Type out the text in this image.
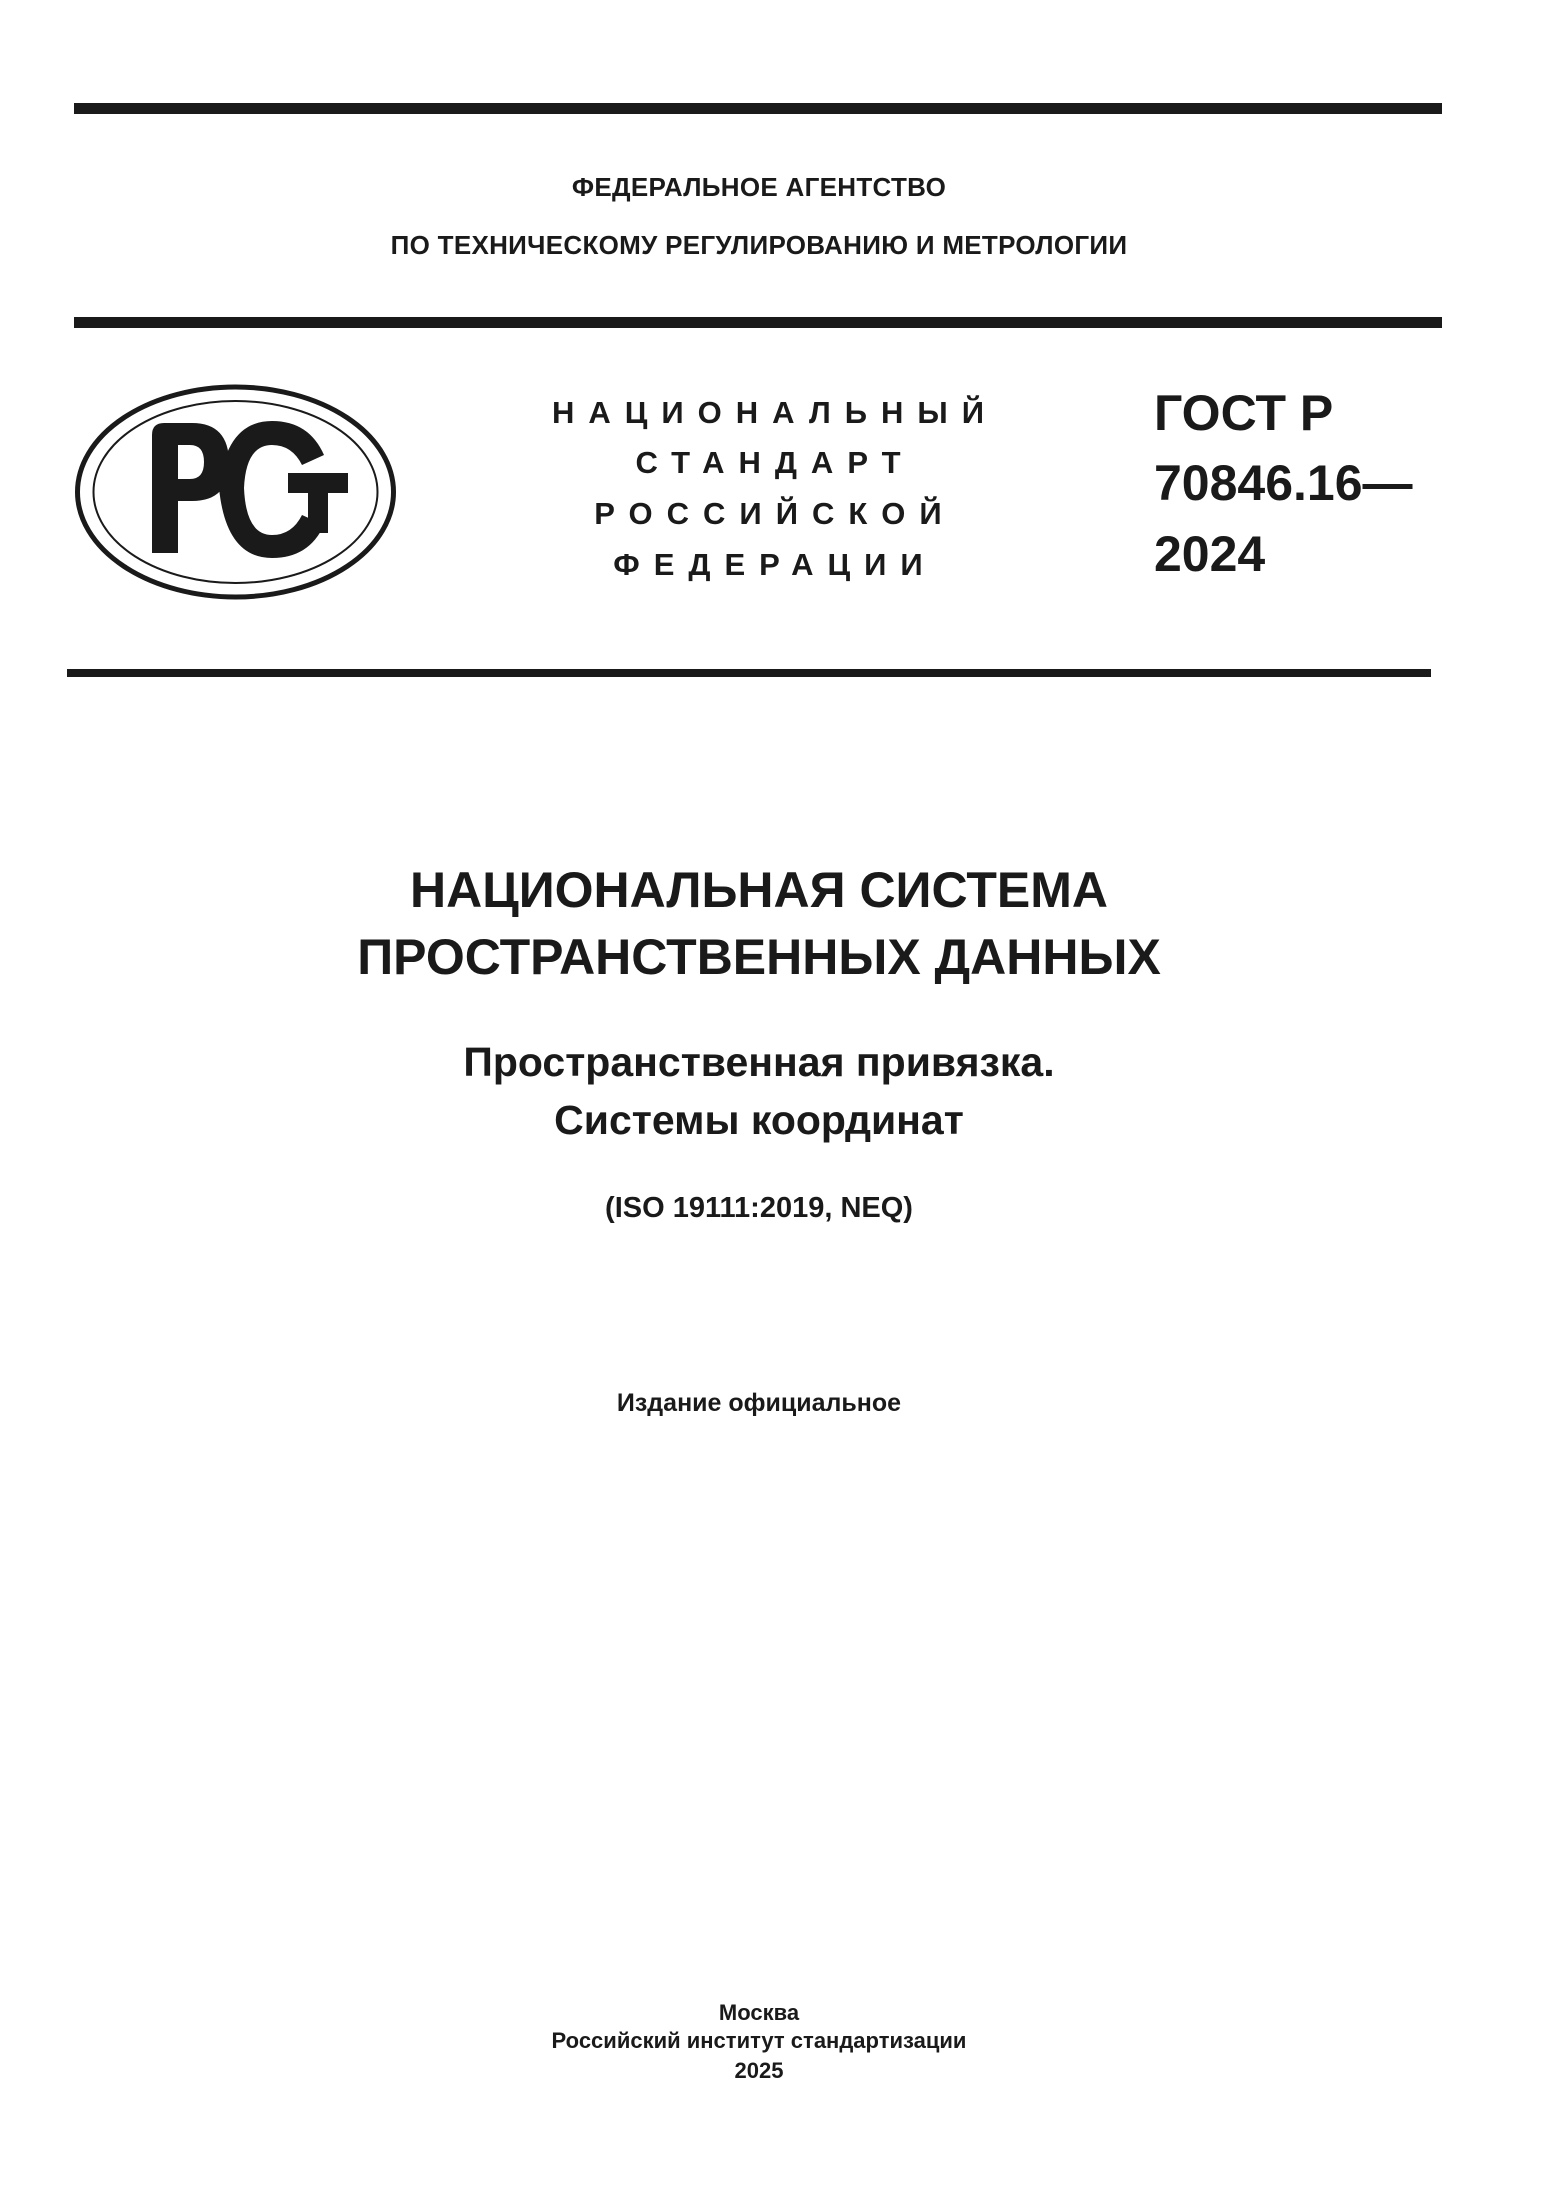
ФЕДЕРАЛЬНОЕ АГЕНТСТВО
ПО ТЕХНИЧЕСКОМУ РЕГУЛИРОВАНИЮ И МЕТРОЛОГИИ
НАЦИОНАЛЬНЫЙ
СТАНДАРТ
РОССИЙСКОЙ
ФЕДЕРАЦИИ
ГОСТ Р
70846.16—
2024
НАЦИОНАЛЬНАЯ СИСТЕМА
ПРОСТРАНСТВЕННЫХ ДАННЫХ
Пространственная привязка.
Системы координат
(ISO 19111:2019, NEQ)
Издание официальное
Москва
Российский институт стандартизации
2025
